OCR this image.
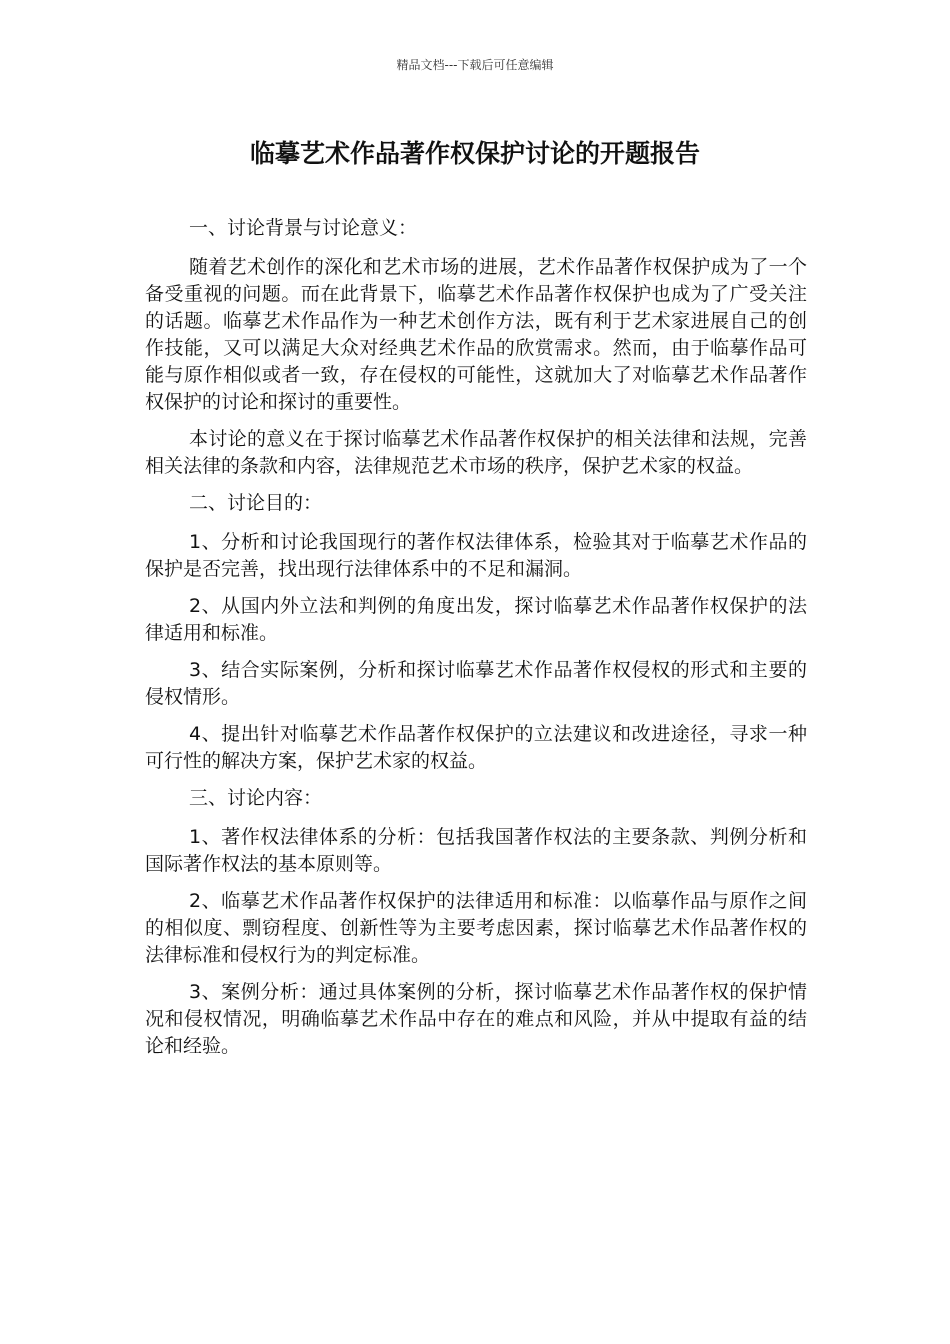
精品文档---下载后可任意编辑
临摹艺术作品著作权保护讨论的开题报告

一、讨论背景与讨论意义：

随着艺术创作的深化和艺术市场的进展，艺术作品著作权保护成为了一个备受重视的问题。而在此背景下，临摹艺术作品著作权保护也成为了广受关注的话题。临摹艺术作品作为一种艺术创作方法，既有利于艺术家进展自己的创作技能，又可以满足大众对经典艺术作品的欣赏需求。然而，由于临摹作品可能与原作相似或者一致，存在侵权的可能性，这就加大了对临摹艺术作品著作权保护的讨论和探讨的重要性。

本讨论的意义在于探讨临摹艺术作品著作权保护的相关法律和法规，完善相关法律的条款和内容，法律规范艺术市场的秩序，保护艺术家的权益。

二、讨论目的：

1、分析和讨论我国现行的著作权法律体系，检验其对于临摹艺术作品的保护是否完善，找出现行法律体系中的不足和漏洞。

2、从国内外立法和判例的角度出发，探讨临摹艺术作品著作权保护的法律适用和标准。

3、结合实际案例，分析和探讨临摹艺术作品著作权侵权的形式和主要的侵权情形。

4、提出针对临摹艺术作品著作权保护的立法建议和改进途径，寻求一种可行性的解决方案，保护艺术家的权益。

三、讨论内容：

1、著作权法律体系的分析：包括我国著作权法的主要条款、判例分析和国际著作权法的基本原则等。

2、临摹艺术作品著作权保护的法律适用和标准：以临摹作品与原作之间的相似度、剽窃程度、创新性等为主要考虑因素，探讨临摹艺术作品著作权的法律标准和侵权行为的判定标准。

3、案例分析：通过具体案例的分析，探讨临摹艺术作品著作权的保护情况和侵权情况，明确临摹艺术作品中存在的难点和风险，并从中提取有益的结论和经验。
